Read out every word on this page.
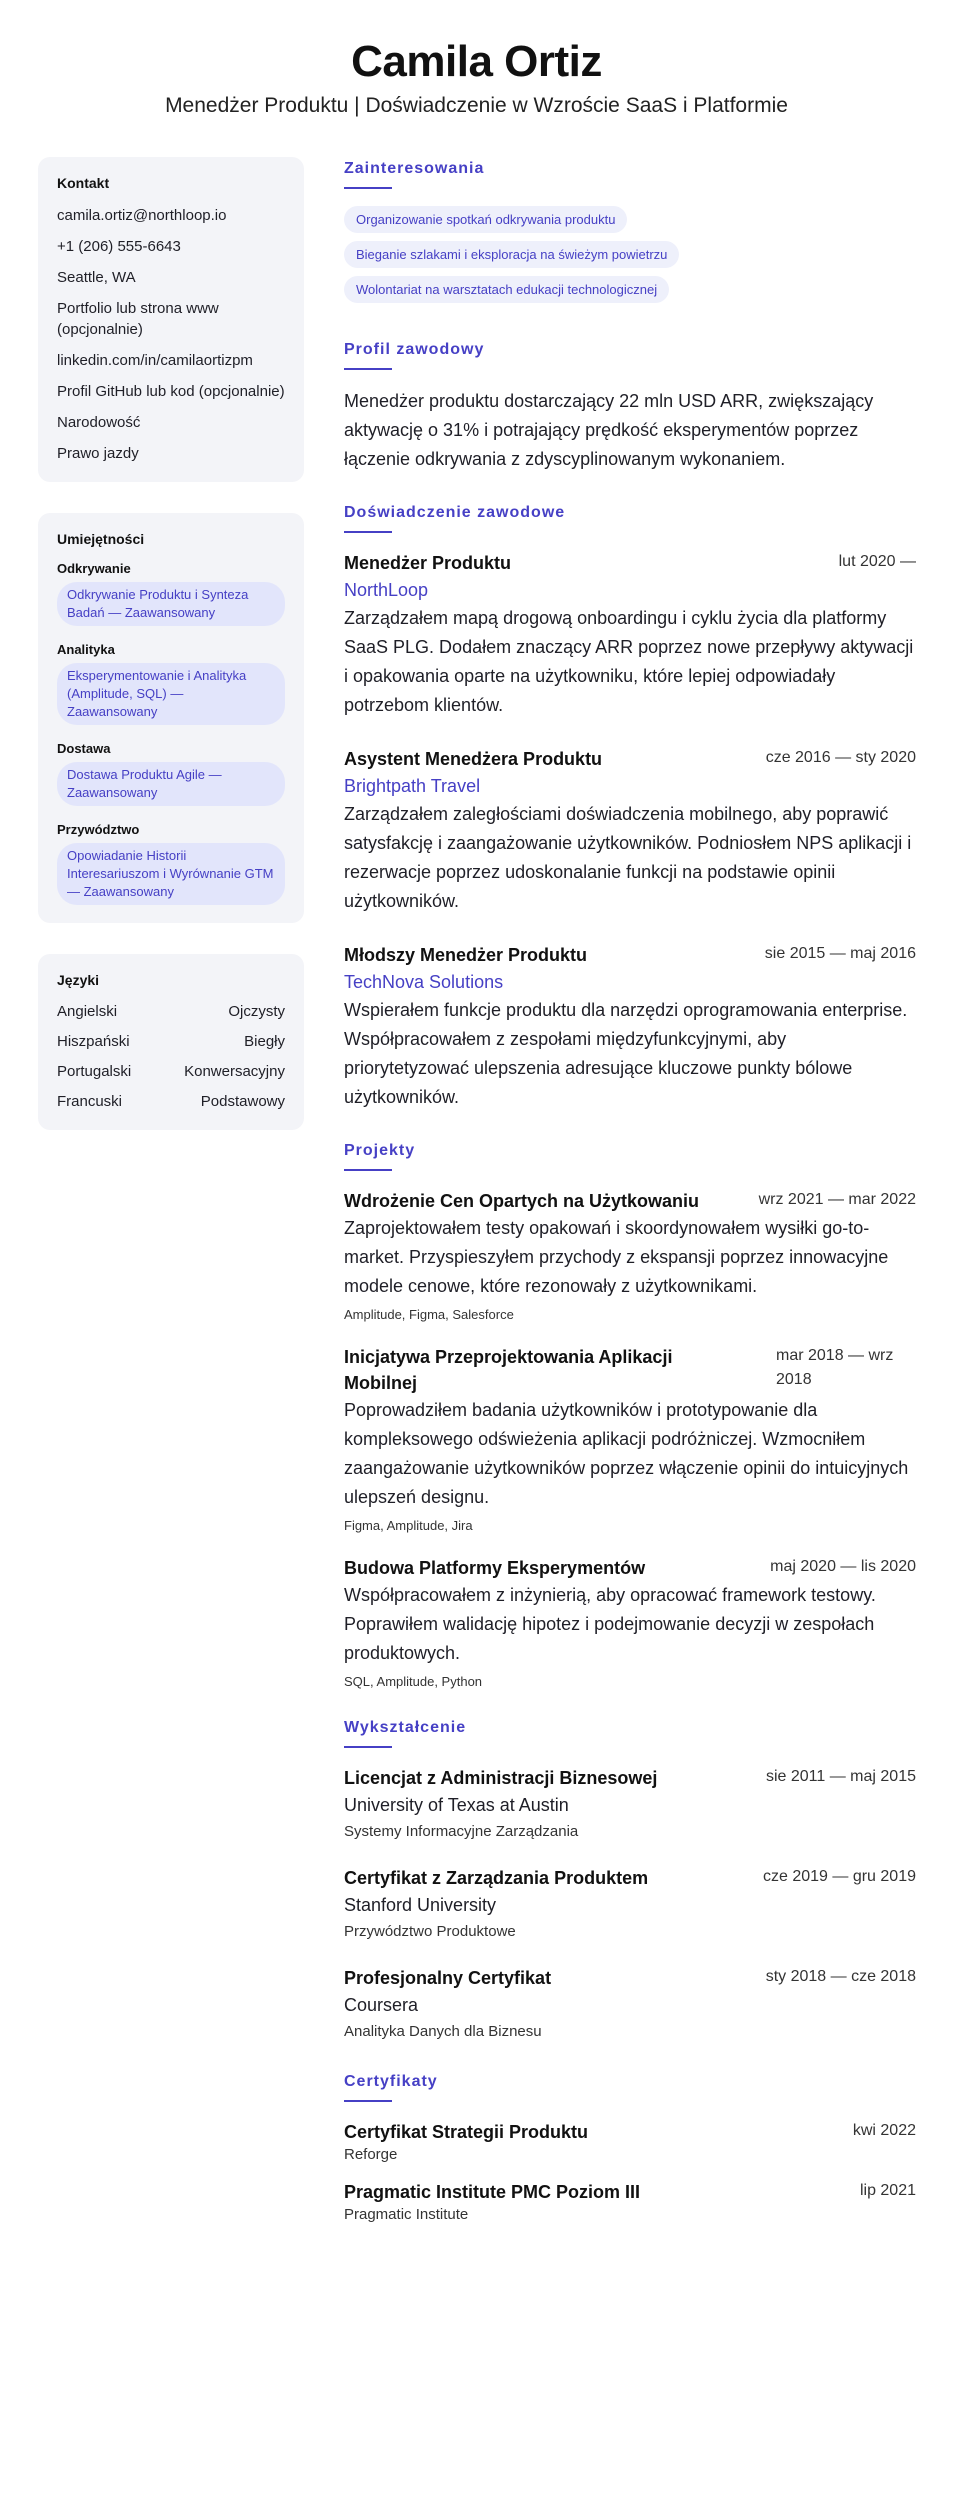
Camila Ortiz
Menedżer Produktu | Doświadczenie w Wzroście SaaS i Platformie
Kontakt
camila.ortiz@northloop.io
+1 (206) 555-6643
Seattle, WA
Portfolio lub strona www (opcjonalnie)
linkedin.com/in/camilaortizpm
Profil GitHub lub kod (opcjonalnie)
Narodowość
Prawo jazdy
Umiejętności
Odkrywanie
Odkrywanie Produktu i Synteza Badań — Zaawansowany
Analityka
Eksperymentowanie i Analityka (Amplitude, SQL) — Zaawansowany
Dostawa
Dostawa Produktu Agile — Zaawansowany
Przywództwo
Opowiadanie Historii Interesariuszom i Wyrównanie GTM — Zaawansowany
Języki
Angielski	Ojczysty
Hiszpański	Biegły
Portugalski	Konwersacyjny
Francuski	Podstawowy
Zainteresowania
Organizowanie spotkań odkrywania produktu
Bieganie szlakami i eksploracja na świeżym powietrzu
Wolontariat na warsztatach edukacji technologicznej
Profil zawodowy
Menedżer produktu dostarczający 22 mln USD ARR, zwiększający aktywację o 31% i potrajający prędkość eksperymentów poprzez łączenie odkrywania z zdyscyplinowanym wykonaniem.
Doświadczenie zawodowe
Menedżer Produktu	lut 2020 —
NorthLoop
Zarządzałem mapą drogową onboardingu i cyklu życia dla platformy SaaS PLG. Dodałem znaczący ARR poprzez nowe przepływy aktywacji i opakowania oparte na użytkowniku, które lepiej odpowiadały potrzebom klientów.
Asystent Menedżera Produktu	cze 2016 — sty 2020
Brightpath Travel
Zarządzałem zaległościami doświadczenia mobilnego, aby poprawić satysfakcję i zaangażowanie użytkowników. Podniosłem NPS aplikacji i rezerwacje poprzez udoskonalanie funkcji na podstawie opinii użytkowników.
Młodszy Menedżer Produktu	sie 2015 — maj 2016
TechNova Solutions
Wspierałem funkcje produktu dla narzędzi oprogramowania enterprise. Współpracowałem z zespołami międzyfunkcyjnymi, aby priorytetyzować ulepszenia adresujące kluczowe punkty bólowe użytkowników.
Projekty
Wdrożenie Cen Opartych na Użytkowaniu	wrz 2021 — mar 2022
Zaprojektowałem testy opakowań i skoordynowałem wysiłki go-to-market. Przyspieszyłem przychody z ekspansji poprzez innowacyjne modele cenowe, które rezonowały z użytkownikami.
Amplitude, Figma, Salesforce
Inicjatywa Przeprojektowania Aplikacji Mobilnej
mar 2018 — wrz 2018
Poprowadziłem badania użytkowników i prototypowanie dla kompleksowego odświeżenia aplikacji podróżniczej. Wzmocniłem zaangażowanie użytkowników poprzez włączenie opinii do intuicyjnych ulepszeń designu.
Figma, Amplitude, Jira
Budowa Platformy Eksperymentów	maj 2020 — lis 2020
Współpracowałem z inżynierią, aby opracować framework testowy. Poprawiłem walidację hipotez i podejmowanie decyzji w zespołach produktowych.
SQL, Amplitude, Python
Wykształcenie
Licencjat z Administracji Biznesowej	sie 2011 — maj 2015
University of Texas at Austin
Systemy Informacyjne Zarządzania
Certyfikat z Zarządzania Produktem	cze 2019 — gru 2019
Stanford University
Przywództwo Produktowe
Profesjonalny Certyfikat	sty 2018 — cze 2018
Coursera
Analityka Danych dla Biznesu
Certyfikaty
Certyfikat Strategii Produktu	kwi 2022
Reforge
Pragmatic Institute PMC Poziom III	lip 2021
Pragmatic Institute
